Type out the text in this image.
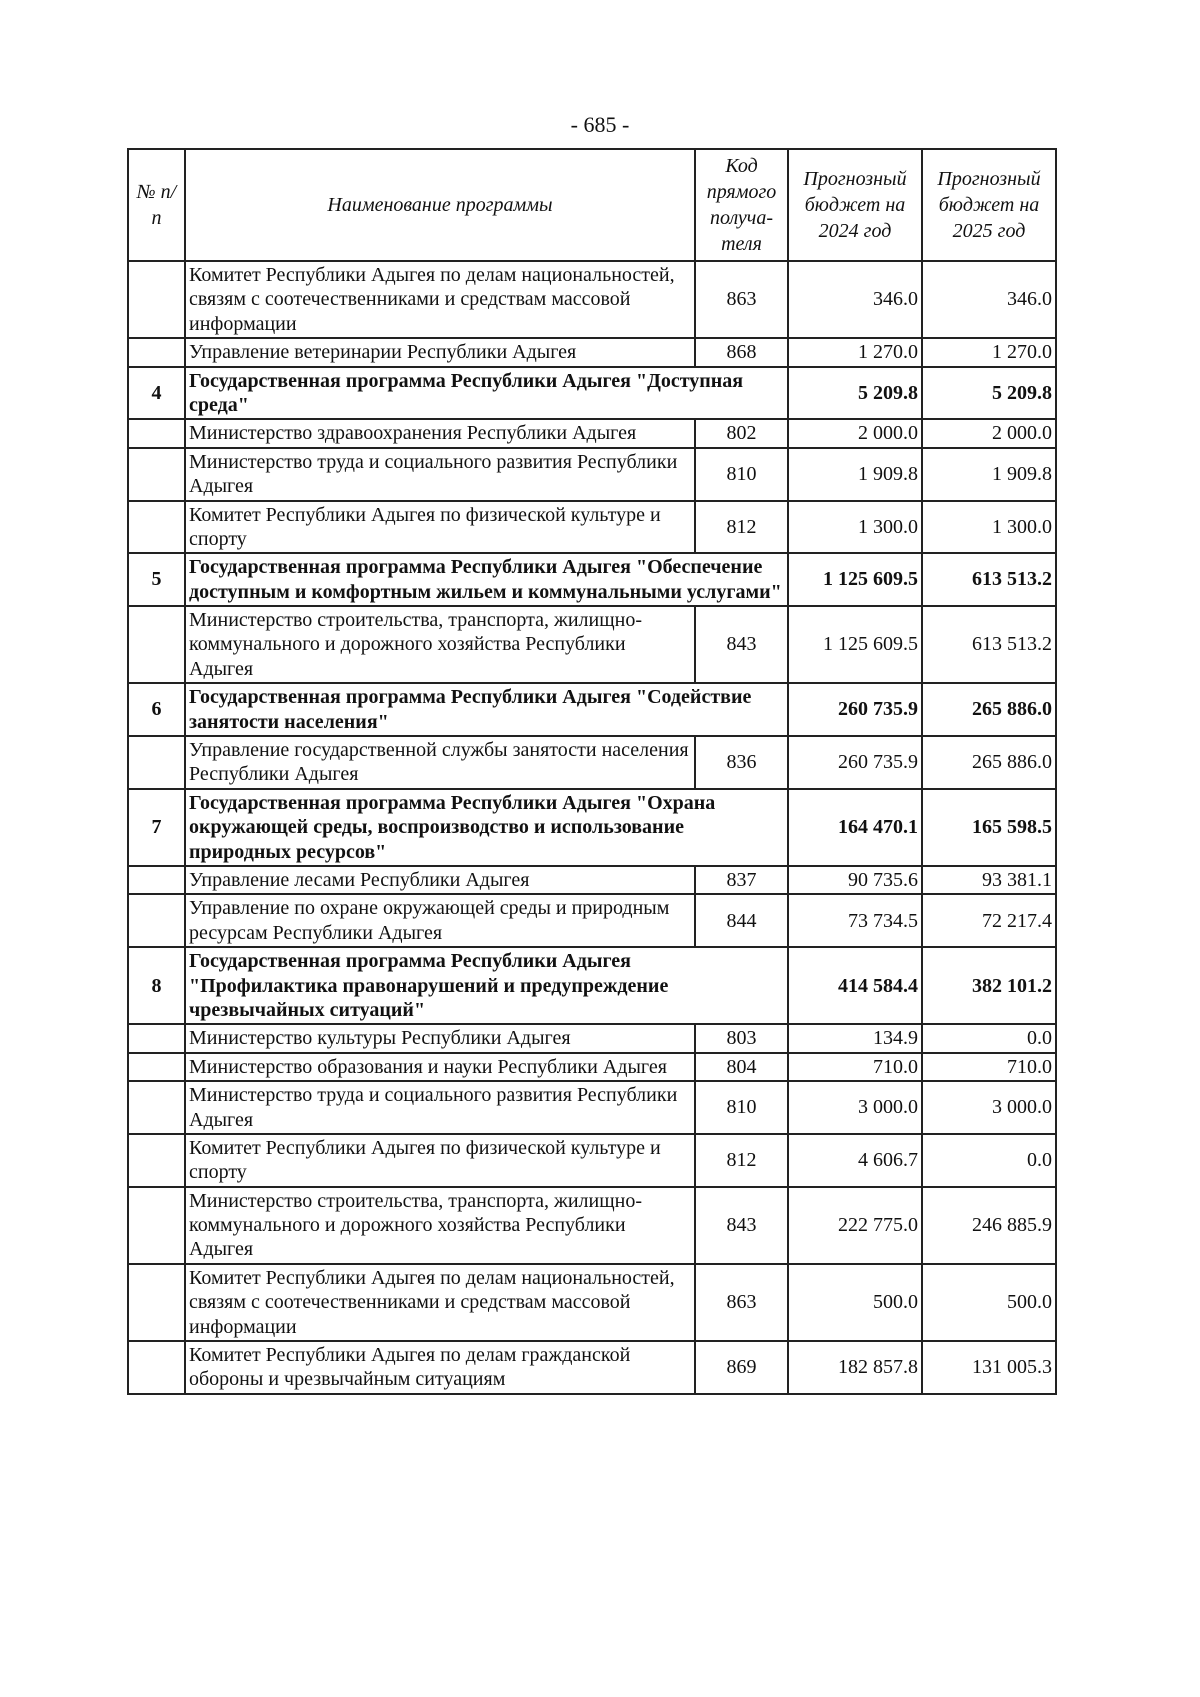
- 685 -
№ п/п	Наименование программы	Код прямого получа-теля	Прогнозный бюджет на 2024 год	Прогнозный бюджет на 2025 год
	Комитет Республики Адыгея по делам национальностей, связям с соотечественниками и средствам массовой информации	863	346.0	346.0
	Управление ветеринарии Республики Адыгея	868	1 270.0	1 270.0
4	Государственная программа Республики Адыгея "Доступная среда"		5 209.8	5 209.8
	Министерство здравоохранения Республики Адыгея	802	2 000.0	2 000.0
	Министерство труда и социального развития Республики Адыгея	810	1 909.8	1 909.8
	Комитет Республики Адыгея по физической культуре и спорту	812	1 300.0	1 300.0
5	Государственная программа Республики Адыгея "Обеспечение доступным и комфортным жильем и коммунальными услугами"		1 125 609.5	613 513.2
	Министерство строительства, транспорта, жилищно-коммунального и дорожного хозяйства Республики Адыгея	843	1 125 609.5	613 513.2
6	Государственная программа Республики Адыгея "Содействие занятости населения"		260 735.9	265 886.0
	Управление государственной службы занятости населения Республики Адыгея	836	260 735.9	265 886.0
7	Государственная программа Республики Адыгея "Охрана окружающей среды, воспроизводство и использование природных ресурсов"		164 470.1	165 598.5
	Управление лесами Республики Адыгея	837	90 735.6	93 381.1
	Управление по охране окружающей среды и природным ресурсам Республики Адыгея	844	73 734.5	72 217.4
8	Государственная программа Республики Адыгея "Профилактика правонарушений и предупреждение чрезвычайных ситуаций"		414 584.4	382 101.2
	Министерство культуры Республики Адыгея	803	134.9	0.0
	Министерство образования и науки Республики Адыгея	804	710.0	710.0
	Министерство труда и социального развития Республики Адыгея	810	3 000.0	3 000.0
	Комитет Республики Адыгея по физической культуре и спорту	812	4 606.7	0.0
	Министерство строительства, транспорта, жилищно-коммунального и дорожного хозяйства Республики Адыгея	843	222 775.0	246 885.9
	Комитет Республики Адыгея по делам национальностей, связям с соотечественниками и средствам массовой информации	863	500.0	500.0
	Комитет Республики Адыгея по делам гражданской обороны и чрезвычайным ситуациям	869	182 857.8	131 005.3
